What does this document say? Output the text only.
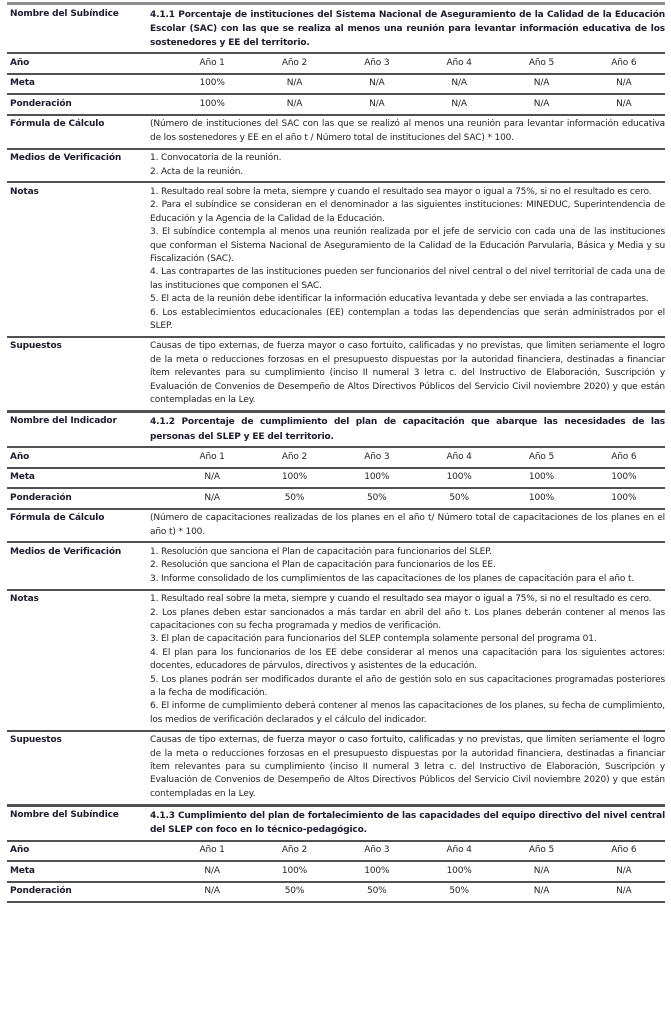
Nombre del Subíndice	4.1.1 Porcentaje de instituciones del Sistema Nacional de Aseguramiento de la Calidad de la Educación Escolar (SAC) con las que se realiza al menos una reunión para levantar información educativa de los sostenedores y EE del territorio.
Año	Año 1	Año 2	Año 3	Año 4	Año 5	Año 6
Meta	100%	N/A	N/A	N/A	N/A	N/A
Ponderación	100%	N/A	N/A	N/A	N/A	N/A
Fórmula de Cálculo	(Número de instituciones del SAC con las que se realizó al menos una reunión para levantar información educativa de los sostenedores y EE en el año t / Número total de instituciones del SAC) * 100.
Medios de Verificación	1. Convocatoria de la reunión.
2. Acta de la reunión.
Notas	1. Resultado real sobre la meta, siempre y cuando el resultado sea mayor o igual a 75%, si no el resultado es cero.
2. Para el subíndice se consideran en el denominador a las siguientes instituciones: MINEDUC, Superintendencia de Educación y la Agencia de la Calidad de la Educación.
3. El subíndice contempla al menos una reunión realizada por el jefe de servicio con cada una de las instituciones que conforman el Sistema Nacional de Aseguramiento de la Calidad de la Educación Parvularia, Básica y Media y su Fiscalización (SAC).
4. Las contrapartes de las instituciones pueden ser funcionarios del nivel central o del nivel territorial de cada una de las instituciones que componen el SAC.
5. El acta de la reunión debe identificar la información educativa levantada y debe ser enviada a las contrapartes.
6. Los establecimientos educacionales (EE) contemplan a todas las dependencias que serán administrados por el SLEP.
Supuestos	Causas de tipo externas, de fuerza mayor o caso fortuito, calificadas y no previstas, que limiten seriamente el logro de la meta o reducciones forzosas en el presupuesto dispuestas por la autoridad financiera, destinadas a financiar ítem relevantes para su cumplimiento (inciso II numeral 3 letra c. del Instructivo de Elaboración, Suscripción y Evaluación de Convenios de Desempeño de Altos Directivos Públicos del Servicio Civil noviembre 2020) y que están contempladas en la Ley.
Nombre del Indicador	4.1.2 Porcentaje de cumplimiento del plan de capacitación que abarque las necesidades de las personas del SLEP y EE del territorio.
Año	Año 1	Año 2	Año 3	Año 4	Año 5	Año 6
Meta	N/A	100%	100%	100%	100%	100%
Ponderación	N/A	50%	50%	50%	100%	100%
Fórmula de Cálculo	(Número de capacitaciones realizadas de los planes en el año t/ Número total de capacitaciones de los planes en el año t) * 100.
Medios de Verificación	1. Resolución que sanciona el Plan de capacitación para funcionarios del SLEP.
2. Resolución que sanciona el Plan de capacitación para funcionarios de los EE.
3. Informe consolidado de los cumplimientos de las capacitaciones de los planes de capacitación para el año t.
Notas	1. Resultado real sobre la meta, siempre y cuando el resultado sea mayor o igual a 75%, si no el resultado es cero.
2. Los planes deben estar sancionados a más tardar en abril del año t. Los planes deberán contener al menos las capacitaciones con su fecha programada y medios de verificación.
3. El plan de capacitación para funcionarios del SLEP contempla solamente personal del programa 01.
4. El plan para los funcionarios de los EE debe considerar al menos una capacitación para los siguientes actores: docentes, educadores de párvulos, directivos y asistentes de la educación.
5. Los planes podrán ser modificados durante el año de gestión solo en sus capacitaciones programadas posteriores a la fecha de modificación.
6. El informe de cumplimiento deberá contener al menos las capacitaciones de los planes, su fecha de cumplimiento, los medios de verificación declarados y el cálculo del indicador.
Supuestos	Causas de tipo externas, de fuerza mayor o caso fortuito, calificadas y no previstas, que limiten seriamente el logro de la meta o reducciones forzosas en el presupuesto dispuestas por la autoridad financiera, destinadas a financiar ítem relevantes para su cumplimiento (inciso II numeral 3 letra c. del Instructivo de Elaboración, Suscripción y Evaluación de Convenios de Desempeño de Altos Directivos Públicos del Servicio Civil noviembre 2020) y que están contempladas en la Ley.
Nombre del Subíndice	4.1.3 Cumplimiento del plan de fortalecimiento de las capacidades del equipo directivo del nivel central del SLEP con foco en lo técnico-pedagógico.
Año	Año 1	Año 2	Año 3	Año 4	Año 5	Año 6
Meta	N/A	100%	100%	100%	N/A	N/A
Ponderación	N/A	50%	50%	50%	N/A	N/A
